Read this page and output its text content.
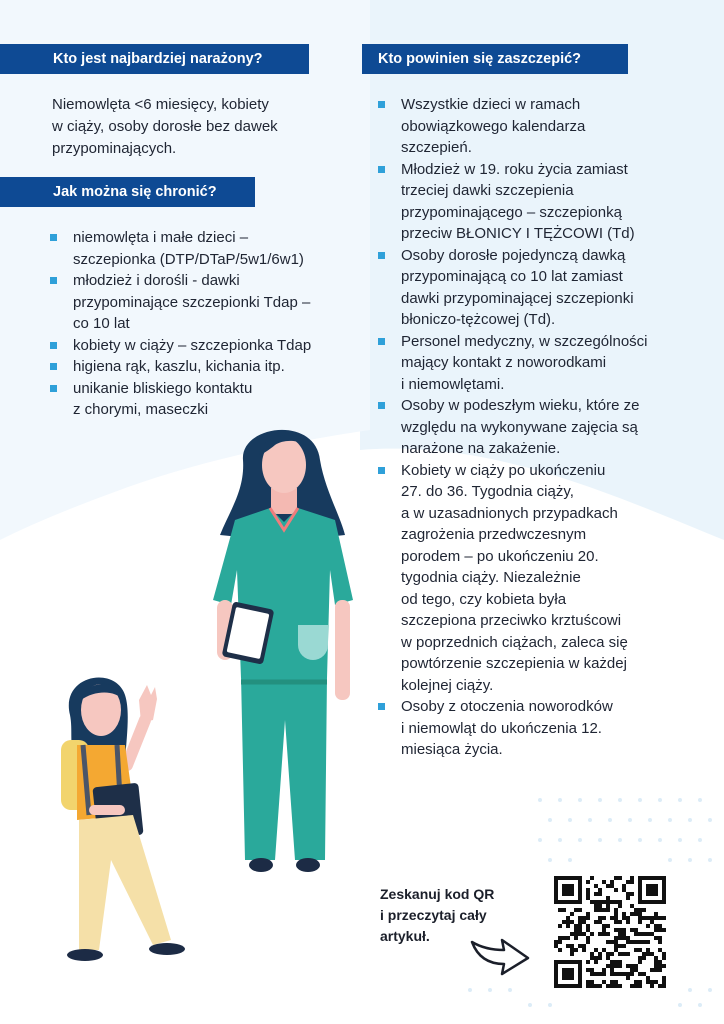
Kto jest najbardziej narażony?

Niemowlęta <6 miesięcy, kobiety
w ciąży, osoby dorosłe bez dawek
przypominających.

Jak można się chronić?
niemowlęta i małe dzieci –
szczepionka (DTP/DTaP/5w1/6w1)
młodzież i dorośli - dawki
przypominające szczepionki Tdap –
co 10 lat
kobiety w ciąży – szczepionka Tdap
higiena rąk, kaszlu, kichania itp.
unikanie bliskiego kontaktu
z chorymi, maseczki
Kto powinien się zaszczepić?
Wszystkie dzieci w ramach
obowiązkowego kalendarza
szczepień.
Młodzież w 19. roku życia zamiast
trzeciej dawki szczepienia
przypominającego – szczepionką
przeciw BŁONICY I TĘŻCOWI (Td)
Osoby dorosłe pojedynczą dawką
przypominającą co 10 lat zamiast
dawki przypominającej szczepionki
błoniczo-tężcowej (Td).
Personel medyczny, w szczególności
mający kontakt z noworodkami
i niemowlętami.
Osoby w podeszłym wieku, które ze
względu na wykonywane zajęcia są
narażone na zakażenie.
Kobiety w ciąży po ukończeniu
27. do 36. Tygodnia ciąży,
a w uzasadnionych przypadkach
zagrożenia przedwczesnym
porodem – po ukończeniu 20.
tygodnia ciąży. Niezależnie
od tego, czy kobieta była
szczepiona przeciwko krztuścowi
w poprzednich ciążach, zaleca się
powtórzenie szczepienia w każdej
kolejnej ciąży.
Osoby z otoczenia noworodków
i niemowląt do ukończenia 12.
miesiąca życia.
Zeskanuj kod QR
i przeczytaj cały
artykuł.
